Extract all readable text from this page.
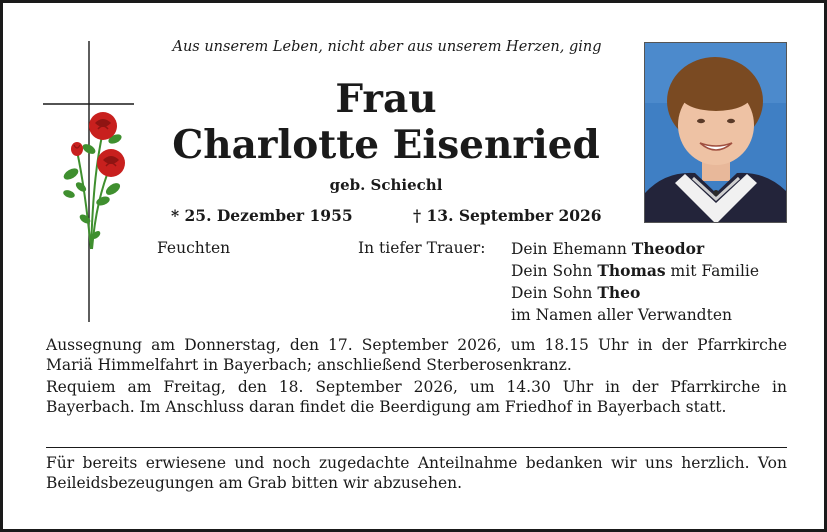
Aus unserem Leben, nicht aber aus unserem Herzen, ging
Frau
Charlotte Eisenried
geb. Schiechl
* 25. Dezember 1955	† 13. September 2026
Feuchten	In tiefer Trauer: Dein Ehemann Theodor
Dein Sohn Thomas mit Familie
Dein Sohn Theo
im Namen aller Verwandten
Aussegnung am Donnerstag, den 17. September 2026, um 18.15 Uhr in der Pfarrkirche Mariä Himmelfahrt in Bayerbach; anschließend Sterberosenkranz.
Requiem am Freitag, den 18. September 2026, um 14.30 Uhr in der Pfarrkirche in Bayerbach. Im Anschluss daran findet die Beerdigung am Friedhof in Bayerbach statt.
Für bereits erwiesene und noch zugedachte Anteilnahme bedanken wir uns herzlich. Von Beileidsbezeugungen am Grab bitten wir abzusehen.
